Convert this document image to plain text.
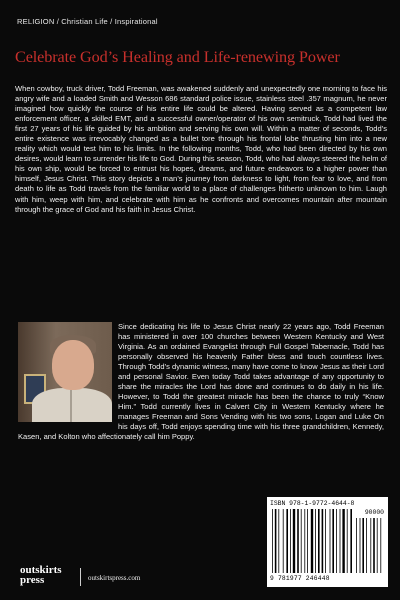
RELIGION / Christian Life / Inspirational
Celebrate God’s Healing and Life-renewing Power

When cowboy, truck driver, Todd Freeman, was awakened suddenly and unexpectedly one morning to face his angry wife and a loaded Smith and Wesson 686 standard police issue, stainless steel .357 magnum, he never imagined how quickly the course of his entire life could be altered. Having served as a competent law enforcement officer, a skilled EMT, and a successful owner/operator of his own semitruck, Todd had lived the first 27 years of his life guided by his ambition and serving his own will. Within a matter of seconds, Todd’s entire existence was irrevocably changed as a bullet tore through his frontal lobe thrusting him into a new reality which would test him to his limits. In the following months, Todd, who had been directed by his own desires, would learn to surrender his life to God. During this season, Todd, who had always steered the helm of his own ship, would be forced to entrust his hopes, dreams, and future endeavors to a higher power than himself, Jesus Christ. This story depicts a man’s journey from darkness to light, from fear to love, and from death to life as Todd travels from the familiar world to a place of challenges hitherto unknown to him. Laugh with him, weep with him, and celebrate with him as he confronts and overcomes mountain after mountain through the grace of God and his faith in Jesus Christ.

Since dedicating his life to Jesus Christ nearly 22 years ago, Todd Freeman has ministered in over 100 churches between Western Kentucky and West Virginia. As an ordained Evangelist through Full Gospel Tabernacle, Todd has personally observed his heavenly Father bless and touch countless lives. Through Todd’s dynamic witness, many have come to know Jesus as their Lord and personal Savior. Even today Todd takes advantage of any opportunity to share the miracles the Lord has done and continues to do daily in his life. However, to Todd the greatest miracle has been the chance to truly “Know Him.” Todd currently lives in Calvert City in Western Kentucky where he manages Freeman and Sons Vending with his two sons, Logan and Luke On his days off, Todd enjoys spending time with his three grandchildren, Kennedy, Kasen, and Kolton who affectionately call him Poppy.

ISBN 978-1-9772-4644-8
90000
9 781977 246448
outskirts
press	outskirtspress.com
